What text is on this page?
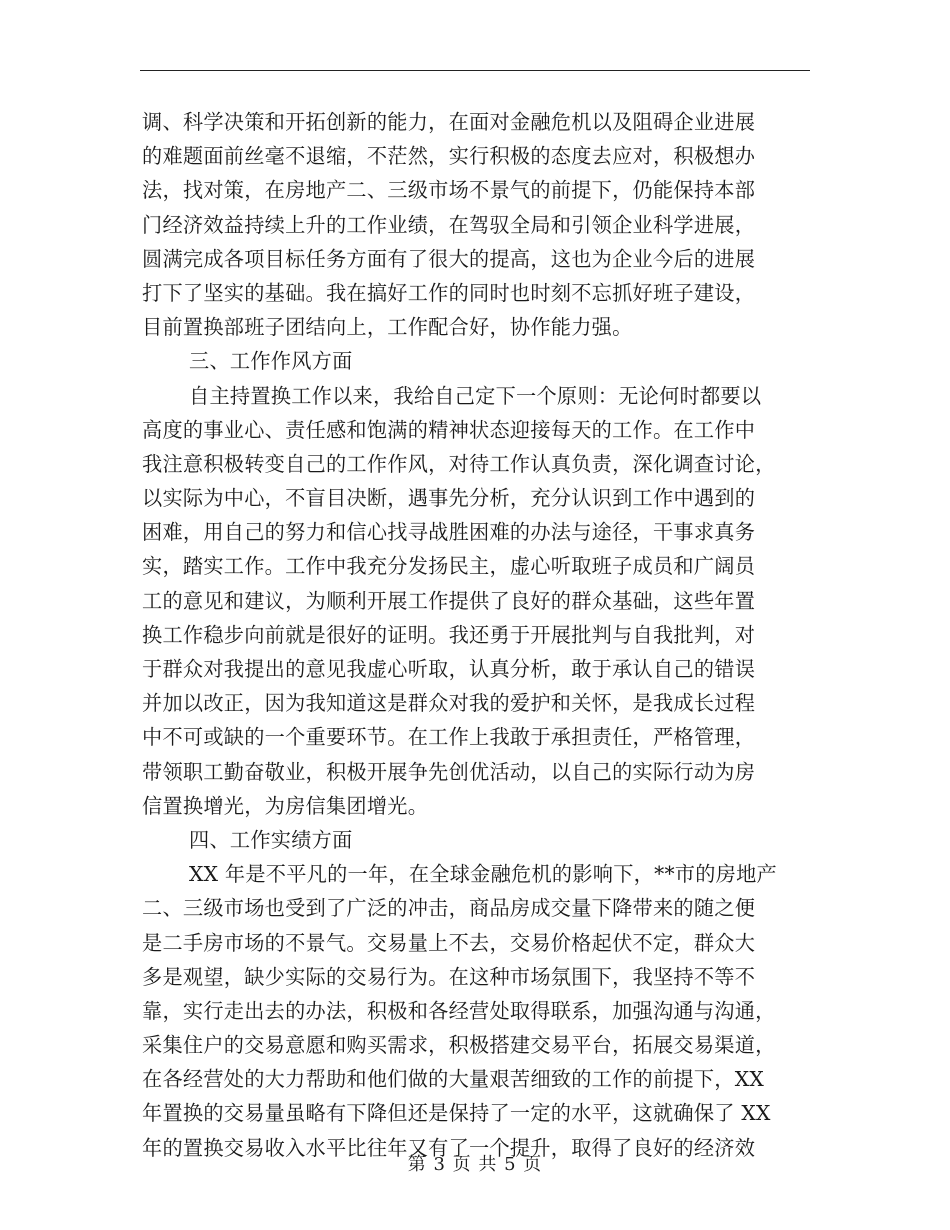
调、科学决策和开拓创新的能力，在面对金融危机以及阻碍企业进展
的难题面前丝毫不退缩，不茫然，实行积极的态度去应对，积极想办
法，找对策，在房地产二、三级市场不景气的前提下，仍能保持本部
门经济效益持续上升的工作业绩，在驾驭全局和引领企业科学进展，
圆满完成各项目标任务方面有了很大的提高，这也为企业今后的进展
打下了坚实的基础。我在搞好工作的同时也时刻不忘抓好班子建设，
目前置换部班子团结向上，工作配合好，协作能力强。
三、工作作风方面
自主持置换工作以来，我给自己定下一个原则：无论何时都要以
高度的事业心、责任感和饱满的精神状态迎接每天的工作。在工作中
我注意积极转变自己的工作作风，对待工作认真负责，深化调查讨论，
以实际为中心，不盲目决断，遇事先分析，充分认识到工作中遇到的
困难，用自己的努力和信心找寻战胜困难的办法与途径，干事求真务
实，踏实工作。工作中我充分发扬民主，虚心听取班子成员和广阔员
工的意见和建议，为顺利开展工作提供了良好的群众基础，这些年置
换工作稳步向前就是很好的证明。我还勇于开展批判与自我批判，对
于群众对我提出的意见我虚心听取，认真分析，敢于承认自己的错误
并加以改正，因为我知道这是群众对我的爱护和关怀，是我成长过程
中不可或缺的一个重要环节。在工作上我敢于承担责任，严格管理，
带领职工勤奋敬业，积极开展争先创优活动，以自己的实际行动为房
信置换增光，为房信集团增光。
四、工作实绩方面
XX 年是不平凡的一年，在全球金融危机的影响下，**市的房地产
二、三级市场也受到了广泛的冲击，商品房成交量下降带来的随之便
是二手房市场的不景气。交易量上不去，交易价格起伏不定，群众大
多是观望，缺少实际的交易行为。在这种市场氛围下，我坚持不等不
靠，实行走出去的办法，积极和各经营处取得联系，加强沟通与沟通，
采集住户的交易意愿和购买需求，积极搭建交易平台，拓展交易渠道，
在各经营处的大力帮助和他们做的大量艰苦细致的工作的前提下，XX
年置换的交易量虽略有下降但还是保持了一定的水平，这就确保了 XX
年的置换交易收入水平比往年又有了一个提升，取得了良好的经济效
第 3 页 共 5 页
